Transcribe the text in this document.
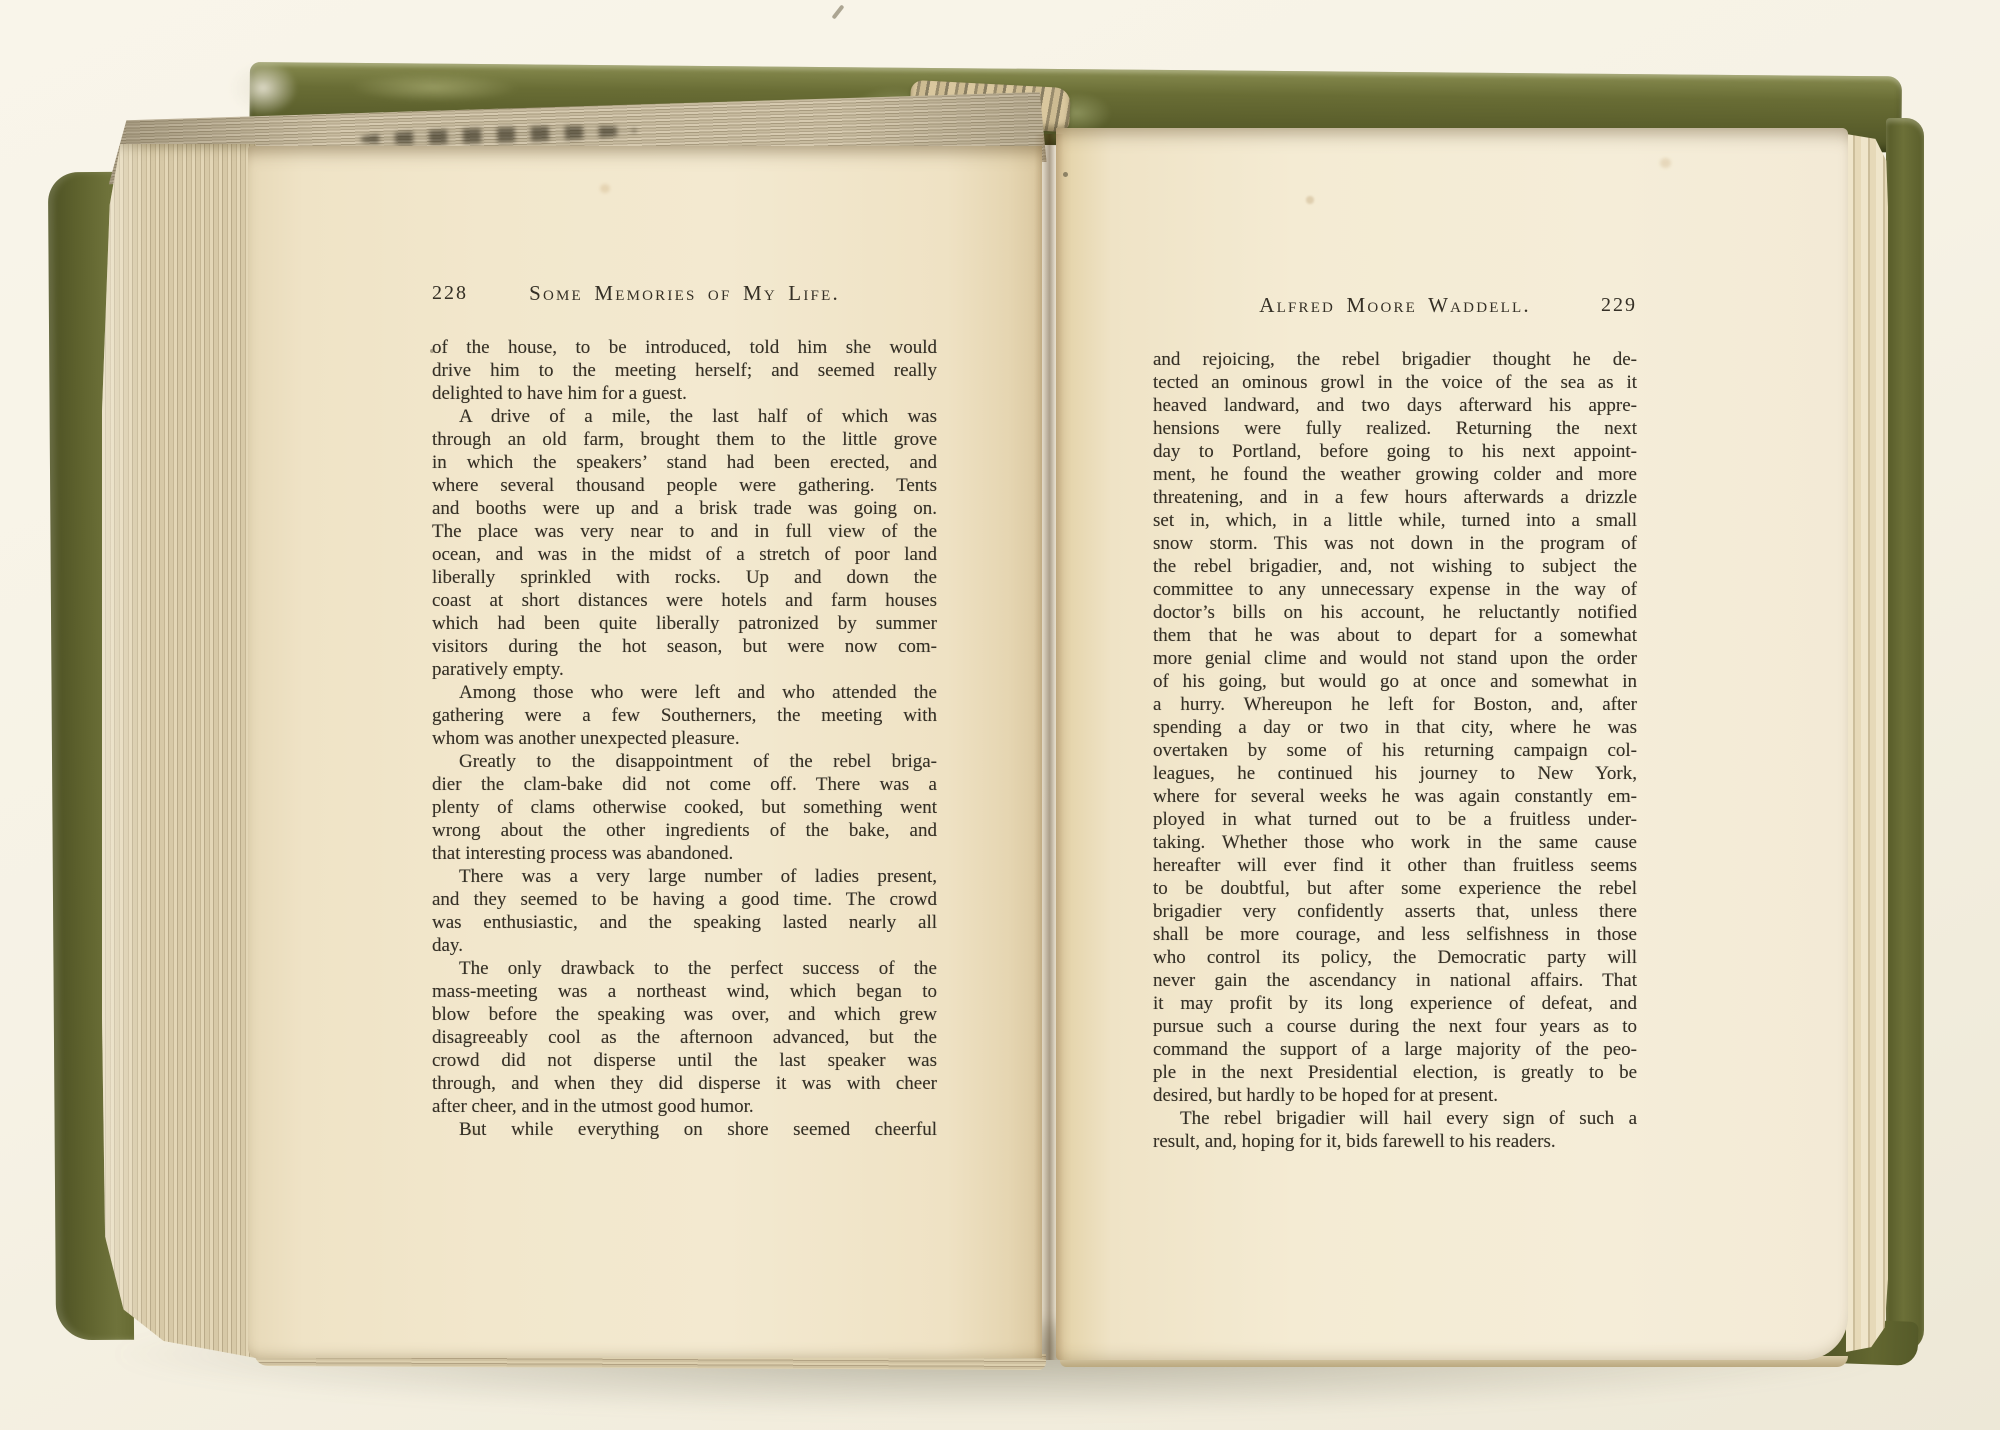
228	Some Memories of My Life.
of the house, to be introduced, told him she would
drive him to the meeting herself; and seemed really
delighted to have him for a guest.
A drive of a mile, the last half of which was
through an old farm, brought them to the little grove
in which the speakers’ stand had been erected, and
where several thousand people were gathering. Tents
and booths were up and a brisk trade was going on.
The place was very near to and in full view of the
ocean, and was in the midst of a stretch of poor land
liberally sprinkled with rocks. Up and down the
coast at short distances were hotels and farm houses
which had been quite liberally patronized by summer
visitors during the hot season, but were now com-
paratively empty.
Among those who were left and who attended the
gathering were a few Southerners, the meeting with
whom was another unexpected pleasure.
Greatly to the disappointment of the rebel briga-
dier the clam-bake did not come off. There was a
plenty of clams otherwise cooked, but something went
wrong about the other ingredients of the bake, and
that interesting process was abandoned.
There was a very large number of ladies present,
and they seemed to be having a good time. The crowd
was enthusiastic, and the speaking lasted nearly all
day.
The only drawback to the perfect success of the
mass-meeting was a northeast wind, which began to
blow before the speaking was over, and which grew
disagreeably cool as the afternoon advanced, but the
crowd did not disperse until the last speaker was
through, and when they did disperse it was with cheer
after cheer, and in the utmost good humor.
But while everything on shore seemed cheerful
Alfred Moore Waddell.	229
and rejoicing, the rebel brigadier thought he de-
tected an ominous growl in the voice of the sea as it
heaved landward, and two days afterward his appre-
hensions were fully realized. Returning the next
day to Portland, before going to his next appoint-
ment, he found the weather growing colder and more
threatening, and in a few hours afterwards a drizzle
set in, which, in a little while, turned into a small
snow storm. This was not down in the program of
the rebel brigadier, and, not wishing to subject the
committee to any unnecessary expense in the way of
doctor’s bills on his account, he reluctantly notified
them that he was about to depart for a somewhat
more genial clime and would not stand upon the order
of his going, but would go at once and somewhat in
a hurry. Whereupon he left for Boston, and, after
spending a day or two in that city, where he was
overtaken by some of his returning campaign col-
leagues, he continued his journey to New York,
where for several weeks he was again constantly em-
ployed in what turned out to be a fruitless under-
taking. Whether those who work in the same cause
hereafter will ever find it other than fruitless seems
to be doubtful, but after some experience the rebel
brigadier very confidently asserts that, unless there
shall be more courage, and less selfishness in those
who control its policy, the Democratic party will
never gain the ascendancy in national affairs. That
it may profit by its long experience of defeat, and
pursue such a course during the next four years as to
command the support of a large majority of the peo-
ple in the next Presidential election, is greatly to be
desired, but hardly to be hoped for at present.
The rebel brigadier will hail every sign of such a
result, and, hoping for it, bids farewell to his readers.
